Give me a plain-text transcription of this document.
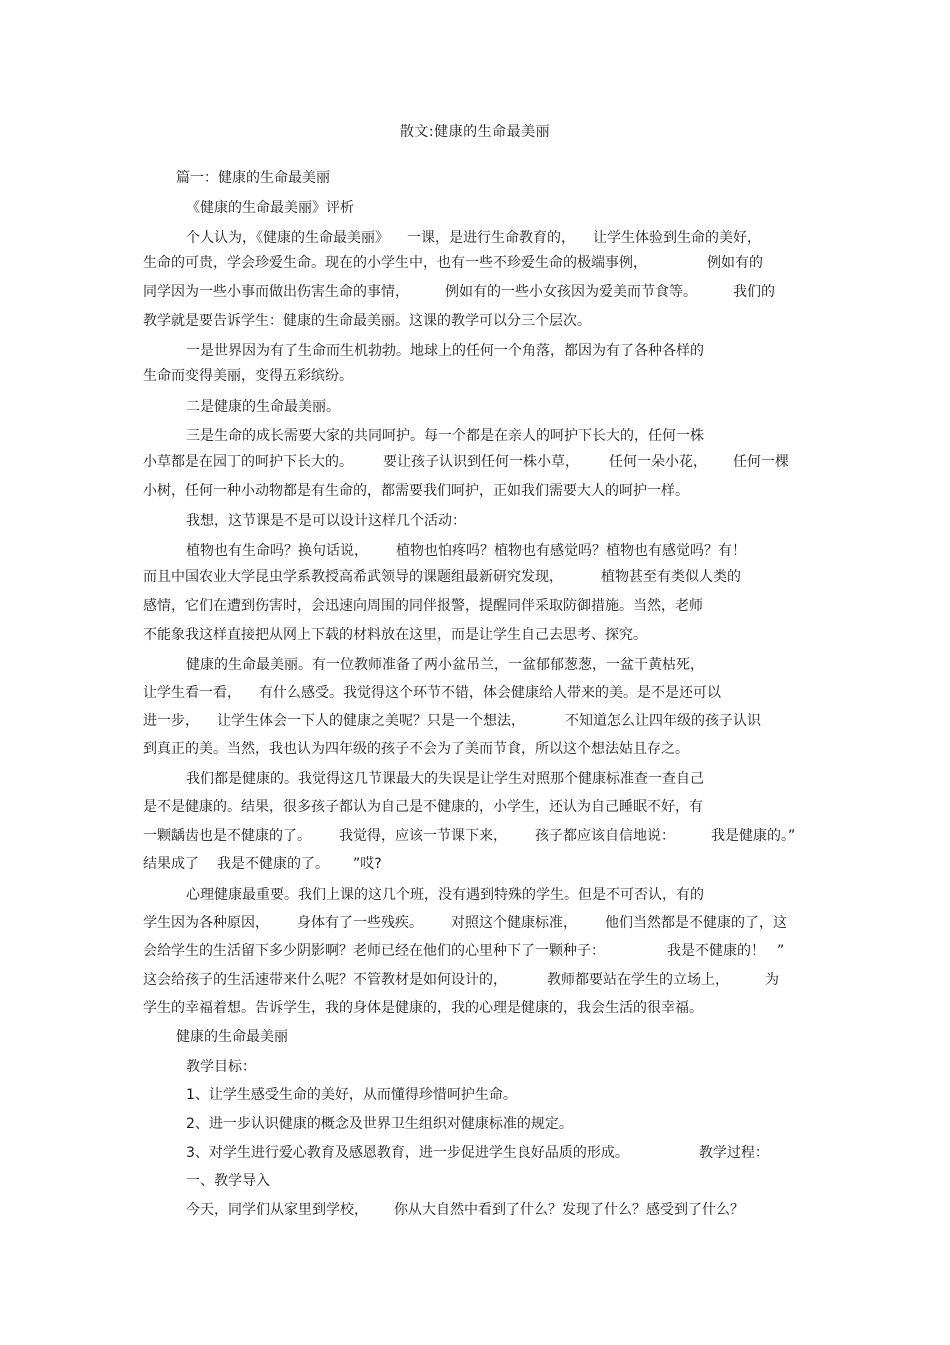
散文:健康的生命最美丽
篇一：健康的生命最美丽
《健康的生命最美丽》评析
个人认为，《健康的生命最美丽》 一课，是进行生命教育的， 让学生体验到生命的美好，
生命的可贵，学会珍爱生命。现在的小学生中，也有一些不珍爱生命的极端事例，	例如有的
同学因为一些小事而做出伤害生命的事情，	例如有的一些小女孩因为爱美而节食等。	我们的
教学就是要告诉学生：健康的生命最美丽。这课的教学可以分三个层次。
一是世界因为有了生命而生机勃勃。地球上的任何一个角落，都因为有了各种各样的
生命而变得美丽，变得五彩缤纷。
二是健康的生命最美丽。
三是生命的成长需要大家的共同呵护。每一个都是在亲人的呵护下长大的，任何一株
小草都是在园丁的呵护下长大的。 要让孩子认识到任何一株小草， 任何一朵小花， 任何一棵
小树，任何一种小动物都是有生命的，都需要我们呵护，正如我们需要大人的呵护一样。
我想，这节课是不是可以设计这样几个活动：
植物也有生命吗？换句话说， 植物也怕疼吗？植物也有感觉吗？植物也有感觉吗？有！
而且中国农业大学昆虫学系教授高希武领导的课题组最新研究发现，	植物甚至有类似人类的
感情，它们在遭到伤害时，会迅速向周围的同伴报警，提醒同伴采取防御措施。当然，老师
不能象我这样直接把从网上下载的材料放在这里，而是让学生自己去思考、探究。
健康的生命最美丽。有一位教师准备了两小盆吊兰，一盆郁郁葱葱，一盆干黄枯死，
让学生看一看， 有什么感受。我觉得这个环节不错，体会健康给人带来的美。是不是还可以
进一步， 让学生体会一下人的健康之美呢？只是一个想法，	不知道怎么让四年级的孩子认识
到真正的美。当然，我也认为四年级的孩子不会为了美而节食，所以这个想法姑且存之。
我们都是健康的。我觉得这几节课最大的失误是让学生对照那个健康标准查一查自己
是不是健康的。结果，很多孩子都认为自己是不健康的，小学生，还认为自己睡眠不好，有
一颗龋齿也是不健康的了。 我觉得，应该一节课下来， 孩子都应该自信地说：	我是健康的。”
结果成了 我是不健康的了。 ”哎?
心理健康最重要。我们上课的这几个班，没有遇到特殊的学生。但是不可否认，有的
学生因为各种原因， 身体有了一些残疾。 对照这个健康标准， 他们当然都是不健康的了，这
会给学生的生活留下多少阴影啊？老师已经在他们的心里种下了一颗种子：	我是不健康的！ ”
这会给孩子的生活速带来什么呢？不管教材是如何设计的，	教师都要站在学生的立场上，	为
学生的幸福着想。告诉学生，我的身体是健康的，我的心理是健康的，我会生活的很幸福。
健康的生命最美丽
教学目标：
1、让学生感受生命的美好，从而懂得珍惜呵护生命。
2、进一步认识健康的概念及世界卫生组织对健康标准的规定。
3、对学生进行爱心教育及感恩教育，进一步促进学生良好品质的形成。	教学过程：
一、教学导入
今天，同学们从家里到学校， 你从大自然中看到了什么？发现了什么？感受到了什么？
